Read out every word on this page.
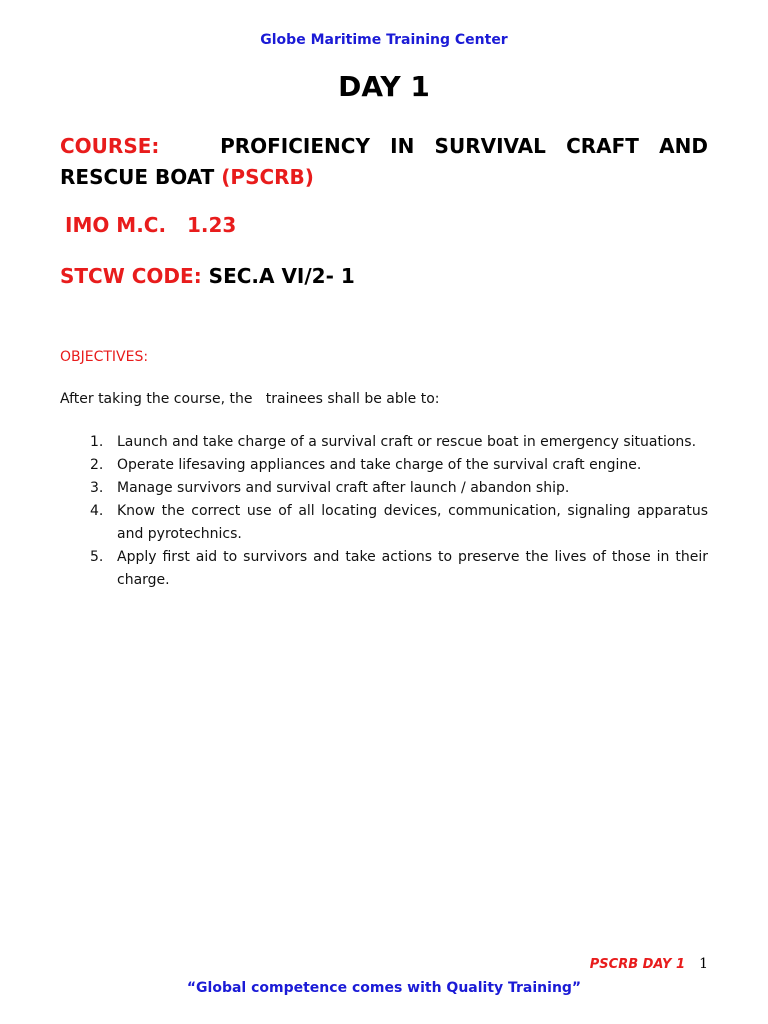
Globe Maritime Training Center
DAY 1
COURSE:	PROFICIENCY IN SURVIVAL CRAFT AND RESCUE BOAT (PSCRB)
IMO M.C.   1.23
STCW CODE: SEC.A VI/2- 1
OBJECTIVES:
After taking the course, the   trainees shall be able to:
1. Launch and take charge of a survival craft or rescue boat in emergency situations.
2. Operate lifesaving appliances and take charge of the survival craft engine.
3. Manage survivors and survival craft after launch / abandon ship.
4. Know the correct use of all locating devices, communication, signaling apparatus and pyrotechnics.
5. Apply first aid to survivors and take actions to preserve the lives of those in their charge.
PSCRB DAY 1 1
“Global competence comes with Quality Training”
